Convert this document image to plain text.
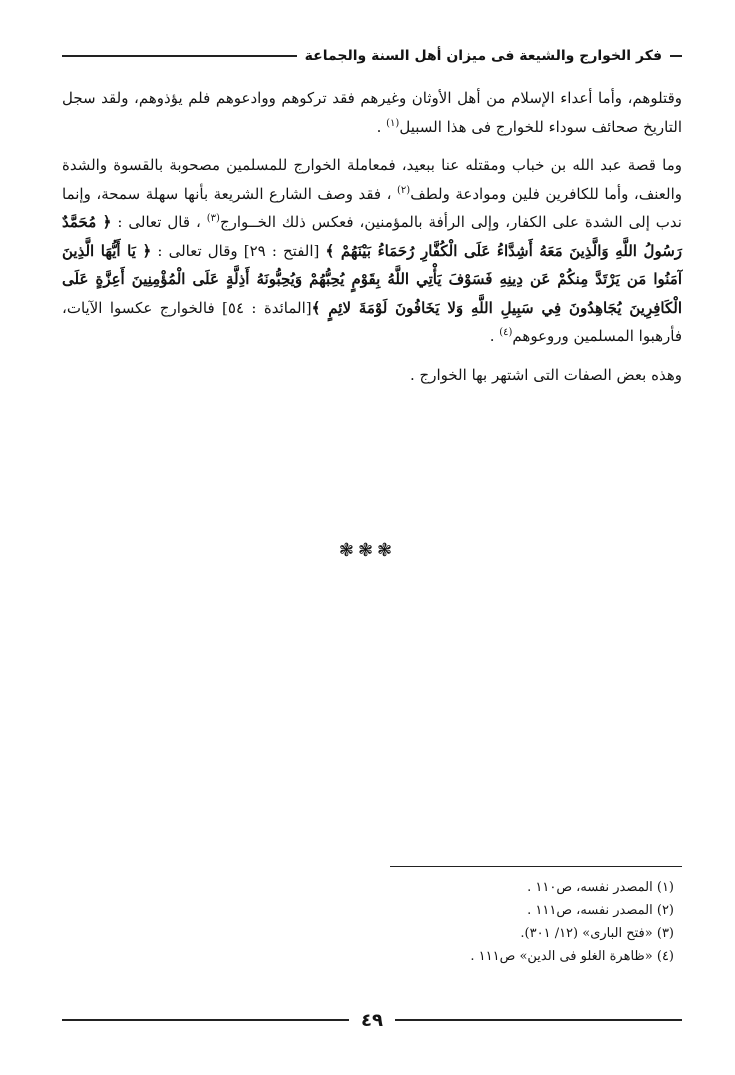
فكر الخوارج والشيعة فى ميزان أهل السنة والجماعة

وقتلوهم، وأما أعداء الإسلام من أهل الأوثان وغيرهم فقد تركوهم ووادعوهم فلم يؤذوهم، ولقد سجل التاريخ صحائف سوداء للخوارج فى هذا السبيل$^{(١)}$ .

وما قصة عبد الله بن خباب ومقتله عنا ببعيد، فمعاملة الخوارج للمسلمين مصحوبة بالقسوة والشدة والعنف، وأما للكافرين فلين وموادعة ولطف$^{(٢)}$ ، فقد وصف الشارع الشريعة بأنها سهلة سمحة، وإنما ندب إلى الشدة على الكفار، وإلى الرأفة بالمؤمنين، فعكس ذلك الخــوارج$^{(٣)}$ ، قال تعالى : ﴿ مُحَمَّدٌ رَسُولُ اللَّهِ وَالَّذِينَ مَعَهُ أَشِدَّاءُ عَلَى الْكُفَّارِ رُحَمَاءُ بَيْنَهُمْ ﴾ [الفتح : ٢٩] وقال تعالى : ﴿ يَا أَيُّهَا الَّذِينَ آمَنُوا مَن يَرْتَدَّ مِنكُمْ عَن دِينِهِ فَسَوْفَ يَأْتِي اللَّهُ بِقَوْمٍ يُحِبُّهُمْ وَيُحِبُّونَهُ أَذِلَّةٍ عَلَى الْمُؤْمِنِينَ أَعِزَّةٍ عَلَى الْكَافِرِينَ يُجَاهِدُونَ فِي سَبِيلِ اللَّهِ وَلا يَخَافُونَ لَوْمَةَ لائِمٍ ﴾[المائدة : ٥٤] فالخوارج عكسوا الآيات، فأرهبوا المسلمين وروعوهم$^{(٤)}$ .

وهذه بعض الصفات التى اشتهر بها الخوارج .

❃❃❃
(١) المصدر نفسه، ص١١٠ .
(٢) المصدر نفسه، ص١١١ .
(٣) «فتح البارى» (١٢/ ٣٠١).
(٤) «ظاهرة الغلو فى الدين» ص١١١ .
٤٩
